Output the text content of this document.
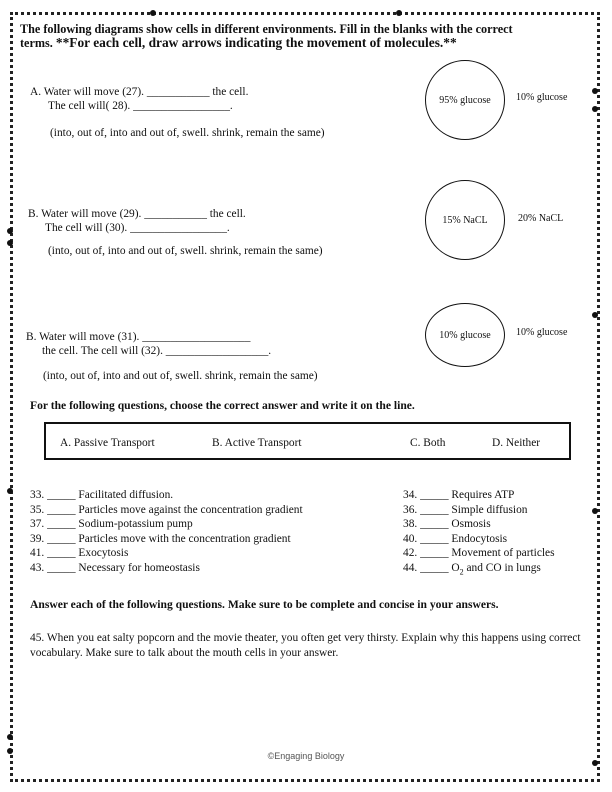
The following diagrams show cells in different environments. Fill in the blanks with the correct
terms. **For each cell, draw arrows indicating the movement of molecules.**
A. Water will move (27). ___________ the cell.
The cell will( 28). _________________.
(into, out of, into and out of, swell. shrink, remain the same)
95% glucose	10% glucose
B. Water will move (29). ___________ the cell.
The cell will (30). _________________.
(into, out of, into and out of, swell. shrink, remain the same)
15% NaCL	20% NaCL
B. Water will move (31). ___________________
the cell. The cell will (32). __________________.
(into, out of, into and out of, swell. shrink, remain the same)
10% glucose	10% glucose
For the following questions, choose the correct answer and write it on the line.
A. Passive Transport	B. Active Transport	C. Both	D. Neither
33. _____ Facilitated diffusion.
35. _____ Particles move against the concentration gradient
37. _____ Sodium-potassium pump
39. _____ Particles move with the concentration gradient
41. _____ Exocytosis
43. _____ Necessary for homeostasis
34. _____ Requires ATP
36. _____ Simple diffusion
38. _____ Osmosis
40. _____ Endocytosis
42. _____ Movement of particles
44. _____ $O_2$ and CO in lungs
Answer each of the following questions. Make sure to be complete and concise in your answers.
45. When you eat salty popcorn and the movie theater, you often get very thirsty. Explain why this happens using correct vocabulary. Make sure to talk about the mouth cells in your answer.
©Engaging Biology
